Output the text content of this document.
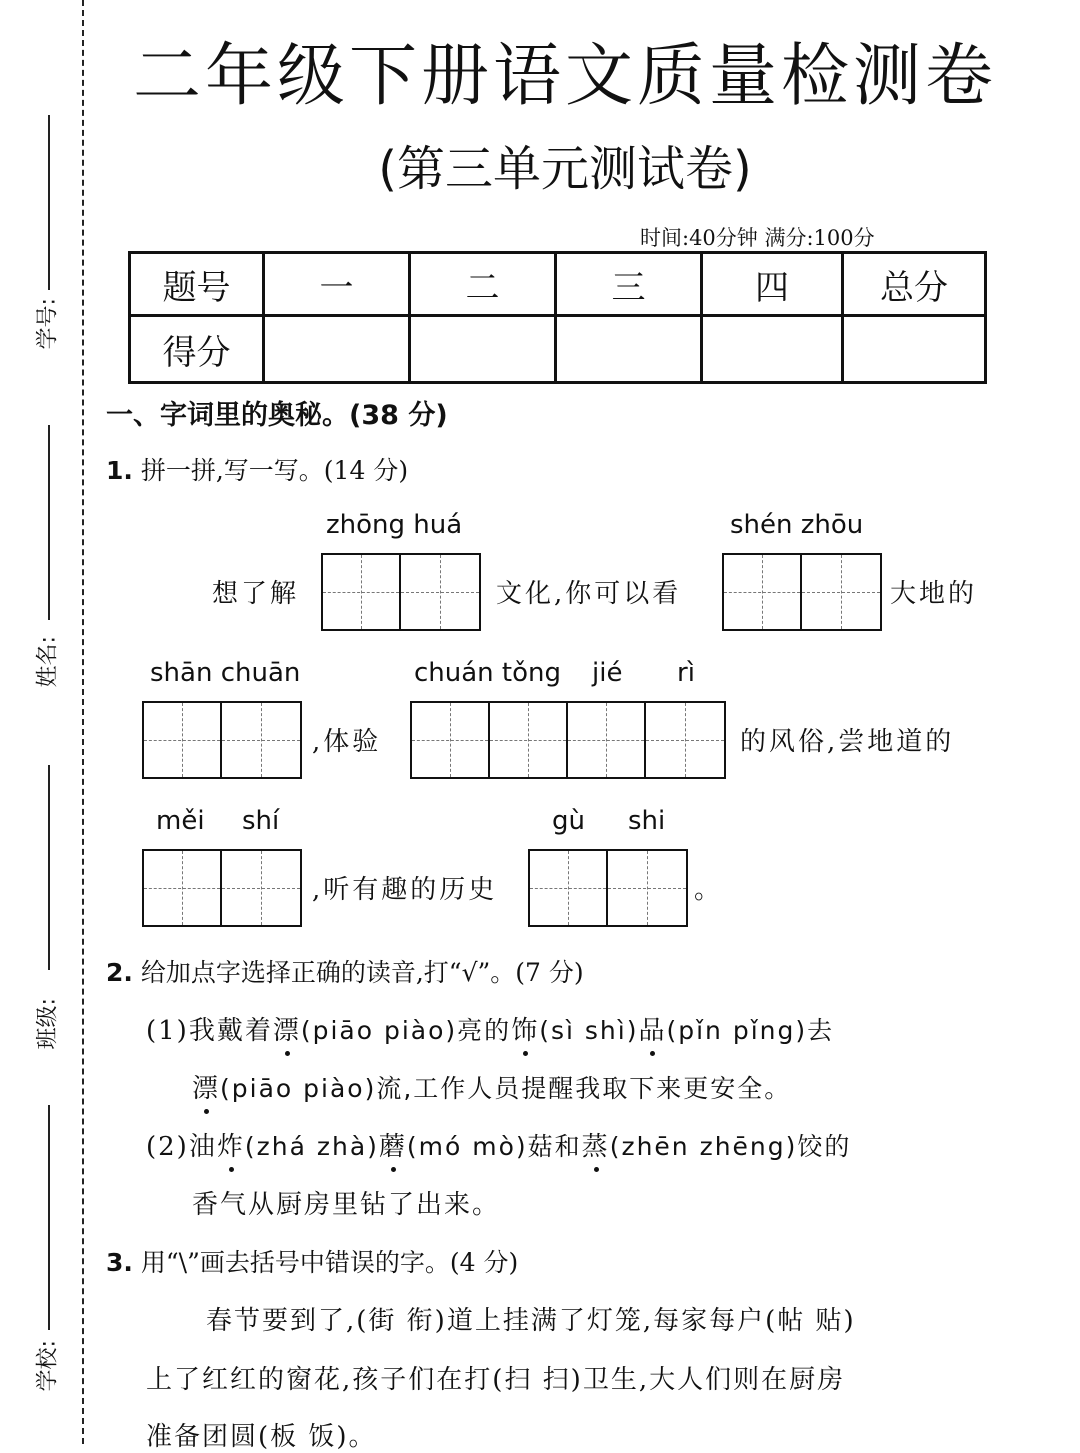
学号:
姓名:
班级:
学校:
二年级下册语文质量检测卷
(第三单元测试卷)
时间:40分钟 满分:100分
题号	一	二	三	四	总分
得分					
一、字词里的奥秘。(38 分)
1. 拼一拼,写一写。(14 分)
zhōng huá	shén zhōu
想了解	文化,你可以看	大地的
shān chuān	chuán tǒng jié rì
,体验	的风俗,尝地道的
měi shí	gù shi
,听有趣的历史	。
2. 给加点字选择正确的读音,打“√”。(7 分)
(1)我戴着漂(piāo piào)亮的饰(sì shì)品(pǐn pǐng)去
漂(piāo piào)流,工作人员提醒我取下来更安全。
(2)油炸(zhá zhà)蘑(mó mò)菇和蒸(zhēn zhēng)饺的
香气从厨房里钻了出来。
3. 用“\”画去括号中错误的字。(4 分)
春节要到了,(街 衔)道上挂满了灯笼,每家每户(帖 贴)
上了红红的窗花,孩子们在打(扫 扫)卫生,大人们则在厨房
准备团圆(板 饭)。
